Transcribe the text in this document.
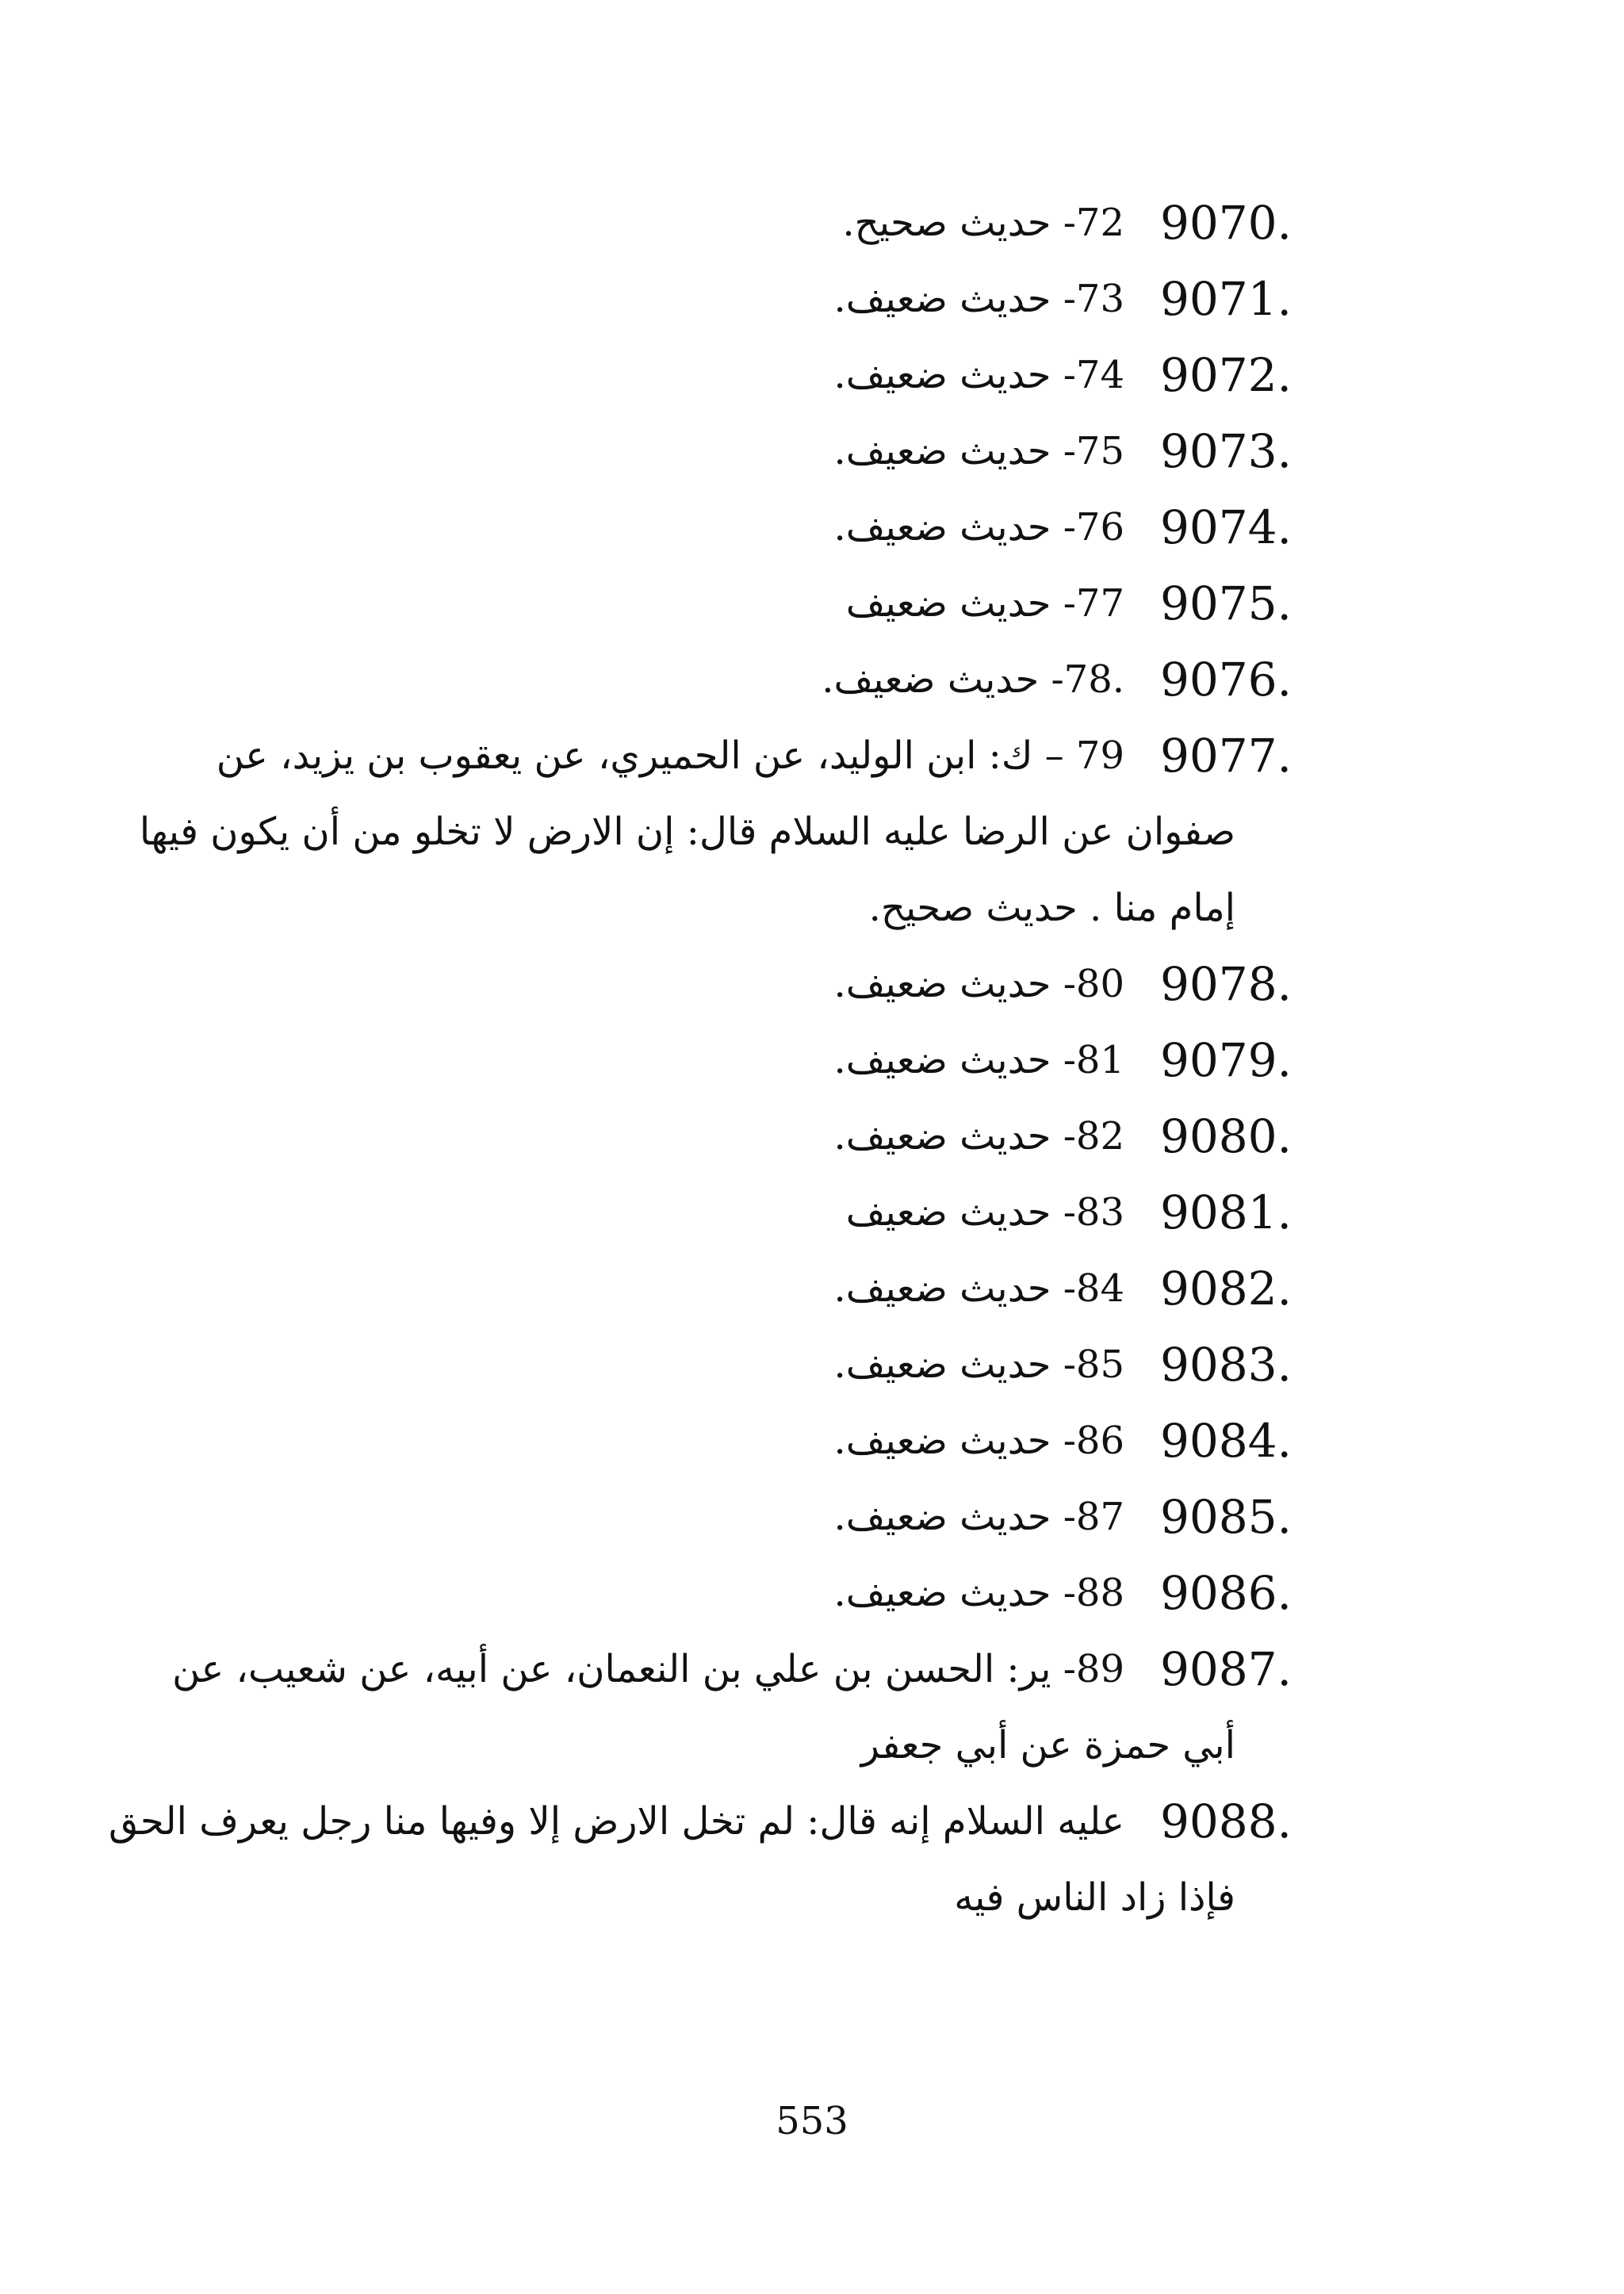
9070.
72- حديث صحيح.
9071.
73- حديث ضعيف.
9072.
74- حديث ضعيف.
9073.
75- حديث ضعيف.
9074.
76- حديث ضعيف.
9075.
77- حديث ضعيف
9076.
.78- حديث ضعيف.
9077.
79 – ك: ابن الوليد، عن الحميري، عن يعقوب بن يزيد، عن
صفوان عن الرضا عليه السلام قال: إن الارض لا تخلو من أن يكون فيها
إمام منا . حديث صحيح.
9078.
80- حديث ضعيف.
9079.
81- حديث ضعيف.
9080.
82- حديث ضعيف.
9081.
83- حديث ضعيف
9082.
84- حديث ضعيف.
9083.
85- حديث ضعيف.
9084.
86- حديث ضعيف.
9085.
87- حديث ضعيف.
9086.
88- حديث ضعيف.
9087.
89- ير: الحسن بن علي بن النعمان، عن أبيه، عن شعيب، عن
أبي حمزة عن أبي جعفر
9088.
عليه السلام إنه قال: لم تخل الارض إلا وفيها منا رجل يعرف الحق
فإذا زاد الناس فيه
553
